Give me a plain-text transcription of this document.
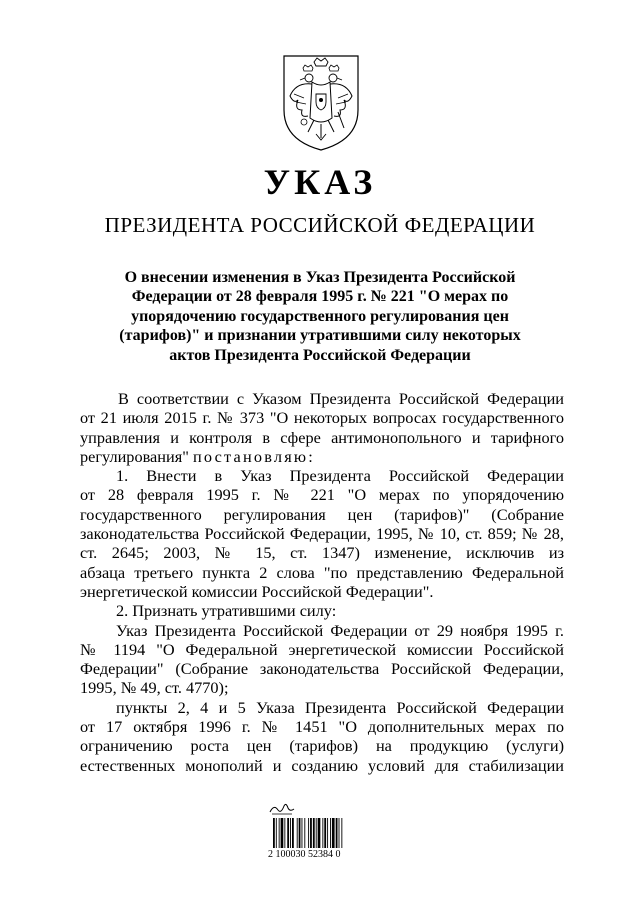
УКАЗ
ПРЕЗИДЕНТА РОССИЙСКОЙ ФЕДЕРАЦИИ
О внесении изменения в Указ Президента Российской
Федерации от 28 февраля 1995 г. № 221 "О мерах по
упорядочению государственного регулирования цен
(тарифов)" и признании утратившими силу некоторых
актов Президента Российской Федерации
В соответствии с Указом Президента Российской Федерации
от 21 июля 2015 г. № 373 "О некоторых вопросах государственного
управления и контроля в сфере антимонопольного и тарифного
регулирования" постановляю:
1. Внести в Указ Президента Российской Федерации
от 28 февраля 1995 г. № 221 "О мерах по упорядочению
государственного регулирования цен (тарифов)" (Собрание
законодательства Российской Федерации, 1995, № 10, ст. 859; № 28,
ст. 2645; 2003, № 15, ст. 1347) изменение, исключив из
абзаца третьего пункта 2 слова "по представлению Федеральной
энергетической комиссии Российской Федерации".
2. Признать утратившими силу:
Указ Президента Российской Федерации от 29 ноября 1995 г.
№ 1194 "О Федеральной энергетической комиссии Российской
Федерации" (Собрание законодательства Российской Федерации,
1995, № 49, ст. 4770);
пункты 2, 4 и 5 Указа Президента Российской Федерации
от 17 октября 1996 г. № 1451 "О дополнительных мерах по
ограничению роста цен (тарифов) на продукцию (услуги)
естественных монополий и созданию условий для стабилизации
2 100030 52384 0
